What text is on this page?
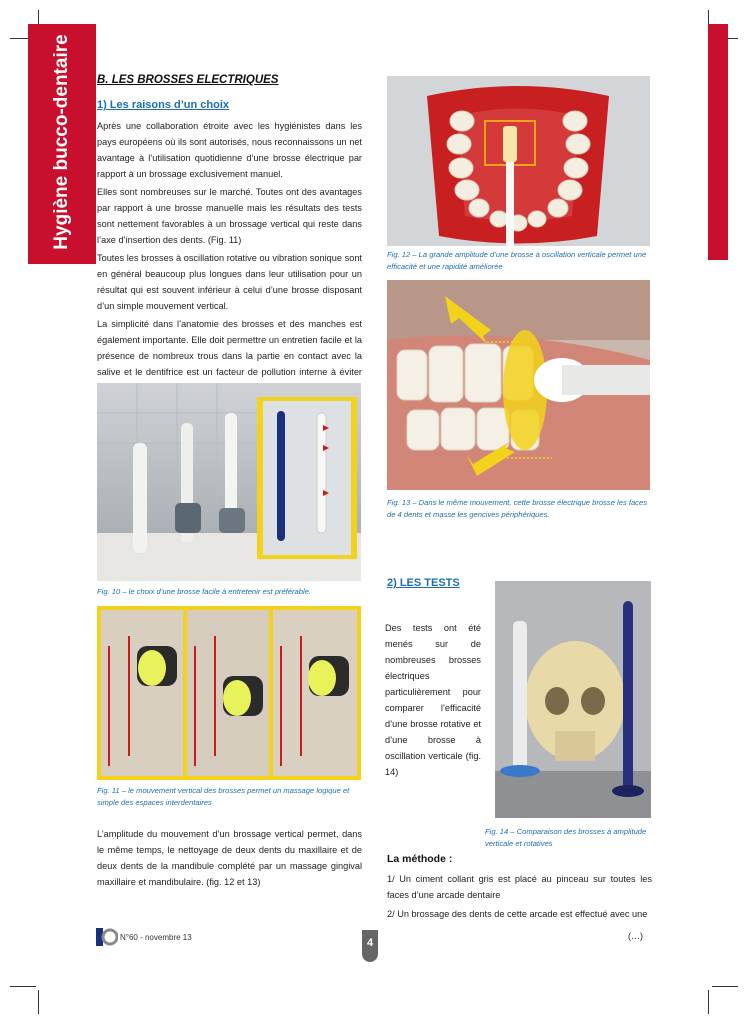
Hygiène bucco-dentaire	B. LES BROSSES ELECTRIQUES
1) Les raisons d’un choix

Après une collaboration étroite avec les hygiénistes dans les pays européens où ils sont autorisés, nous reconnaissons un net avantage à l’utilisation quotidienne d’une brosse électrique par rapport à un brossage exclusivement manuel.

Elles sont nombreuses sur le marché. Toutes ont des avantages par rapport à une brosse manuelle mais les résultats des tests sont nettement favorables à un brossage vertical qui reste dans l’axe d’insertion des dents. (Fig. 11)

Toutes les brosses à oscillation rotative ou vibration sonique sont en général beaucoup plus longues dans leur utilisation pour un résultat qui est souvent inférieur à celui d’une brosse disposant d’un simple mouvement vertical.

La simplicité dans l’anatomie des brosses et des manches est également importante. Elle doit permettre un entretien facile et la présence de nombreux trous dans la partie en contact avec la salive et le dentifrice est un facteur de pollution interne à éviter

Fig. 10 – le choix d’une brosse facile à entretenir est préférable.

Fig. 11 – le mouvement vertical des brosses permet un massage logique et simple des espaces interdentaires

L’amplitude du mouvement d’un brossage vertical permet, dans le même temps, le nettoyage de deux dents du maxillaire et de deux dents de la mandibule complété par un massage gingival maxillaire et mandibulaire. (fig. 12 et 13)

Fig. 12 – La grande amplitude d’une brosse à oscillation verticale permet une efficacité et une rapidité améliorée

Fig. 13 – Dans le même mouvement, cette brosse électrique brosse les faces de 4 dents et masse les gencives périphériques.

2) LES TESTS

Des tests ont été menés sur de nombreuses brosses électriques particulièrement pour comparer l’efficacité d’une brosse rotative et d’une brosse à oscillation verticale (fig. 14)

Fig. 14 – Comparaison des brosses à amplitude verticale et rotatives

La méthode :

1/ Un ciment collant gris est placé au pinceau sur toutes les faces d’une arcade dentaire

2/ Un brossage des dents de cette arcade est effectué avec une

(…)
N°60 - novembre 13	4
